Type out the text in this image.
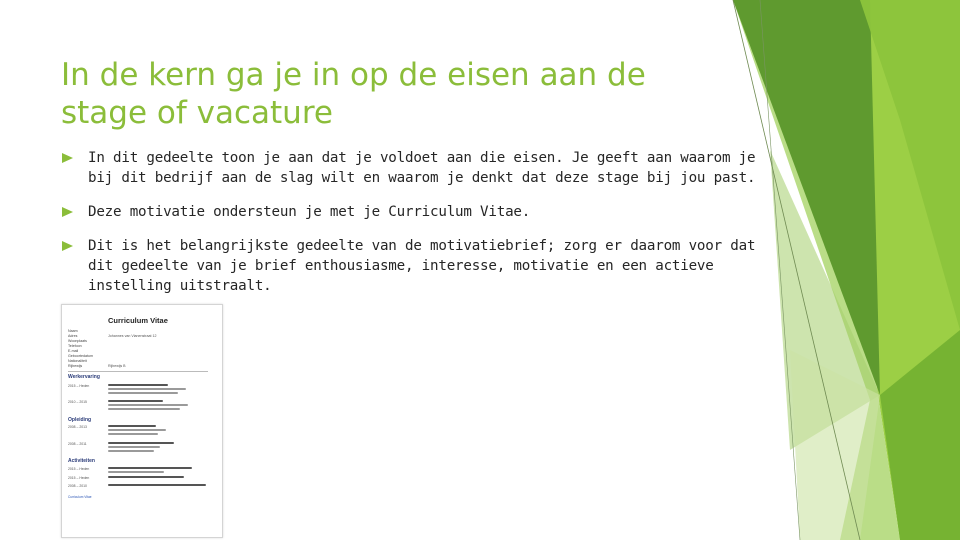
In de kern ga je in op de eisen aan de stage of vacature
In dit gedeelte toon je aan dat je voldoet aan die eisen. Je geeft aan waarom je bij dit bedrijf aan de slag wilt en waarom je denkt dat deze stage bij jou past.
Deze motivatie ondersteun je met je Curriculum Vitae.
Dit is het belangrijkste gedeelte van de motivatiebrief; zorg er daarom voor dat dit gedeelte van je brief enthousiasme, interesse, motivatie en een actieve instelling uitstraalt.
Curriculum Vitae
Naam
Adres	Johannes van Vianenstraat 12
Woonplaats
Telefoon
E-mail
Geboortedatum
Nationaliteit
Rijbewijs	Rijbewijs B
Werkervaring
2015 – Heden
2010 – 2015
Opleiding
2008 – 2013
2008 – 2011
Activiteiten
2015 – Heden
2015 – Heden
2008 – 2010
Curriculum Vitae
